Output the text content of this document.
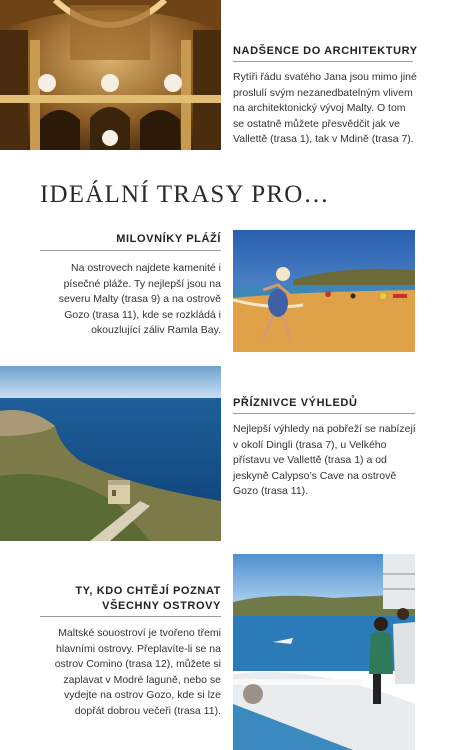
NADŠENCE DO ARCHITEKTURY
Rytíři řádu svatého Jana jsou mimo jiné proslulí svým nezanedbatelným vlivem na architektonický vývoj Malty. O tom se ostatně můžete přesvědčit jak ve Vallettě (trasa 1), tak v Mdině (trasa 7).
IDEÁLNÍ TRASY PRO…
MILOVNÍKY PLÁŽÍ
Na ostrovech najdete kamenité i písečné pláže. Ty nejlepší jsou na severu Malty (trasa 9) a na ostrově Gozo (trasa 11), kde se rozkládá i okouzlující záliv Ramla Bay.
PŘÍZNIVCE VÝHLEDŮ
Nejlepší výhledy na pobřeží se nabízejí v okolí Dingli (trasa 7), u Velkého přístavu ve Vallettě (trasa 1) a od jeskyně Calypso’s Cave na ostrově Gozo (trasa 11).
TY, KDO CHTĚJÍ POZNAT
VŠECHNY OSTROVY
Maltské souostroví je tvořeno třemi hlavními ostrovy. Přeplavíte-li se na ostrov Comino (trasa 12), můžete si zaplavat v Modré laguně, nebo se vydejte na ostrov Gozo, kde si lze dopřát dobrou večeři (trasa 11).
